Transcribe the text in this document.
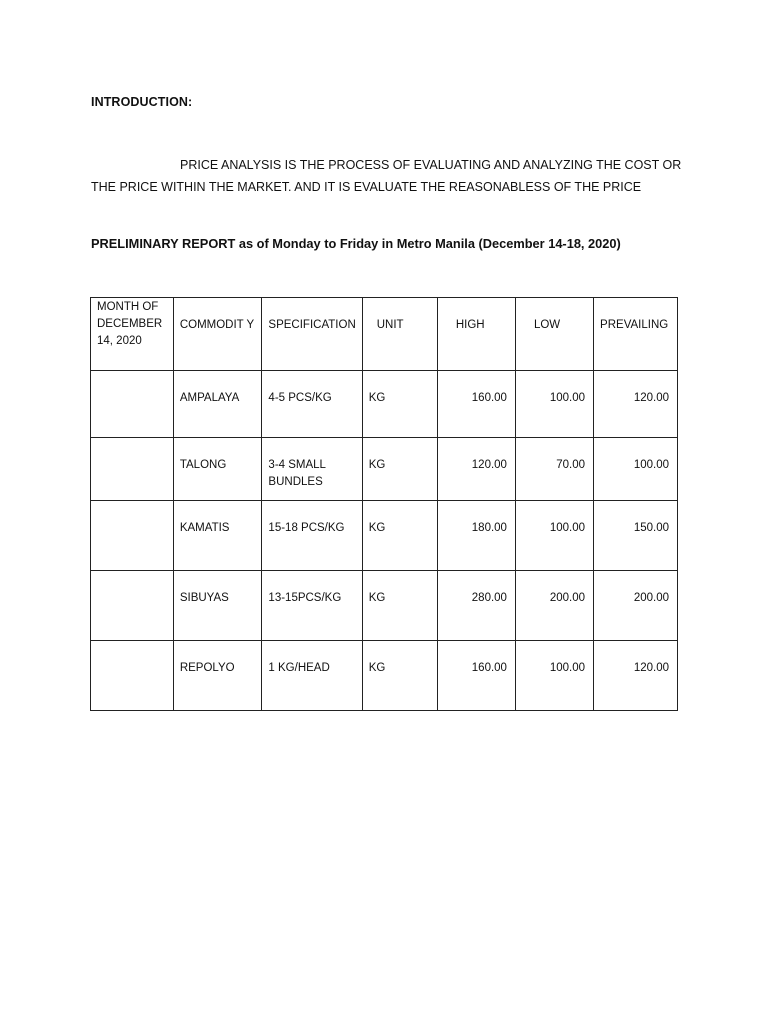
INTRODUCTION:
PRICE ANALYSIS IS THE PROCESS OF EVALUATING AND ANALYZING THE COST OR
THE PRICE WITHIN THE MARKET. AND IT IS EVALUATE THE REASONABLESS OF THE PRICE
PRELIMINARY REPORT as of Monday to Friday in Metro Manila (December 14-18, 2020)
MONTH OF DECEMBER 14, 2020	COMMODIT Y	SPECIFICATION	UNIT	HIGH	LOW	PREVAILING

	AMPALAYA	4-5 PCS/KG	KG	160.00	100.00	120.00

	TALONG	3-4 SMALL BUNDLES	KG	120.00	70.00	100.00

	KAMATIS	15-18 PCS/KG	KG	180.00	100.00	150.00

	SIBUYAS	13-15PCS/KG	KG	280.00	200.00	200.00

	REPOLYO	1 KG/HEAD	KG	160.00	100.00	120.00
